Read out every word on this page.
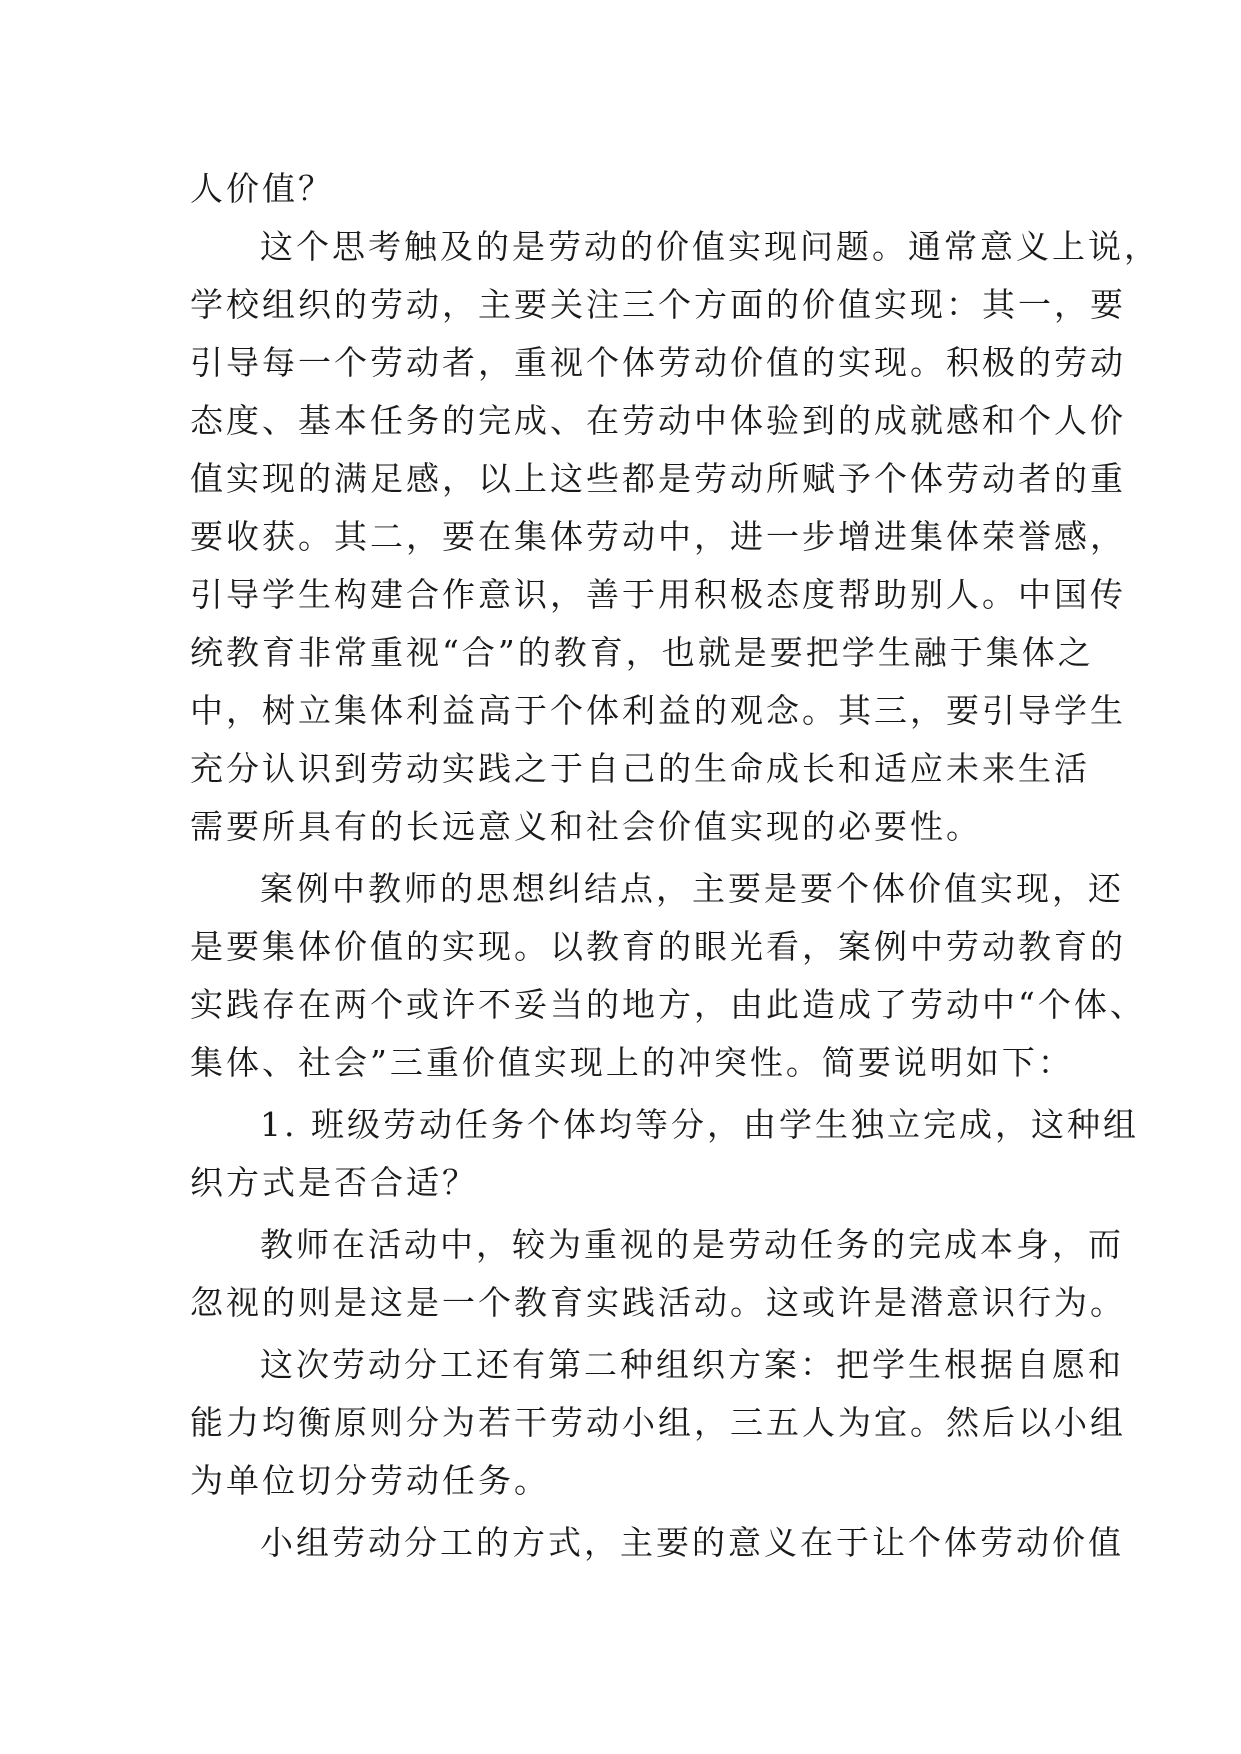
人价值？
这个思考触及的是劳动的价值实现问题。通常意义上说，
学校组织的劳动，主要关注三个方面的价值实现：其一，要
引导每一个劳动者，重视个体劳动价值的实现。积极的劳动
态度、基本任务的完成、在劳动中体验到的成就感和个人价
值实现的满足感，以上这些都是劳动所赋予个体劳动者的重
要收获。其二，要在集体劳动中，进一步增进集体荣誉感，
引导学生构建合作意识，善于用积极态度帮助别人。中国传
统教育非常重视“合”的教育，也就是要把学生融于集体之
中，树立集体利益高于个体利益的观念。其三，要引导学生
充分认识到劳动实践之于自己的生命成长和适应未来生活
需要所具有的长远意义和社会价值实现的必要性。
案例中教师的思想纠结点，主要是要个体价值实现，还
是要集体价值的实现。以教育的眼光看，案例中劳动教育的
实践存在两个或许不妥当的地方，由此造成了劳动中“个体、
集体、社会”三重价值实现上的冲突性。简要说明如下：
1. 班级劳动任务个体均等分，由学生独立完成，这种组
织方式是否合适？
教师在活动中，较为重视的是劳动任务的完成本身，而
忽视的则是这是一个教育实践活动。这或许是潜意识行为。
这次劳动分工还有第二种组织方案：把学生根据自愿和
能力均衡原则分为若干劳动小组，三五人为宜。然后以小组
为单位切分劳动任务。
小组劳动分工的方式，主要的意义在于让个体劳动价值
